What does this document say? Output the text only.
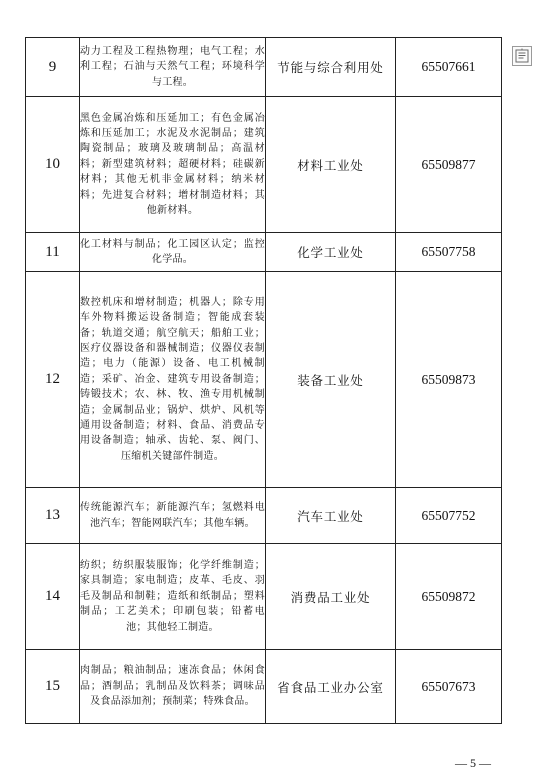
9	动力工程及工程热物理；电气工程；水利工程；石油与天然气工程；环境科学与工程。	节能与综合利用处	65507661
10	黑色金属冶炼和压延加工；有色金属冶炼和压延加工；水泥及水泥制品；建筑陶瓷制品；玻璃及玻璃制品；高温材料；新型建筑材料；超硬材料；硅碳新材料；其他无机非金属材料；纳米材料；先进复合材料；增材制造材料；其他新材料。	材料工业处	65509877
11	化工材料与制品；化工园区认定；监控化学品。	化学工业处	65507758
12	数控机床和增材制造；机器人；除专用车外物料搬运设备制造；智能成套装备；轨道交通；航空航天；船舶工业；医疗仪器设备和器械制造；仪器仪表制造；电力（能源）设备、电工机械制造；采矿、冶金、建筑专用设备制造；铸锻技术；农、林、牧、渔专用机械制造；金属制品业；锅炉、烘炉、风机等通用设备制造；材料、食品、消费品专用设备制造；轴承、齿轮、泵、阀门、压缩机关键部件制造。	装备工业处	65509873
13	传统能源汽车；新能源汽车；氢燃料电池汽车；智能网联汽车；其他车辆。	汽车工业处	65507752
14	纺织；纺织服装服饰；化学纤维制造；家具制造；家电制造；皮革、毛皮、羽毛及制品和制鞋；造纸和纸制品；塑料制品；工艺美术；印刷包装；铅蓄电池；其他轻工制造。	消费品工业处	65509872
15	肉制品；粮油制品；速冻食品；休闲食品；酒制品；乳制品及饮料茶；调味品及食品添加剂；预制菜；特殊食品。	省食品工业办公室	65507673
— 5 —
